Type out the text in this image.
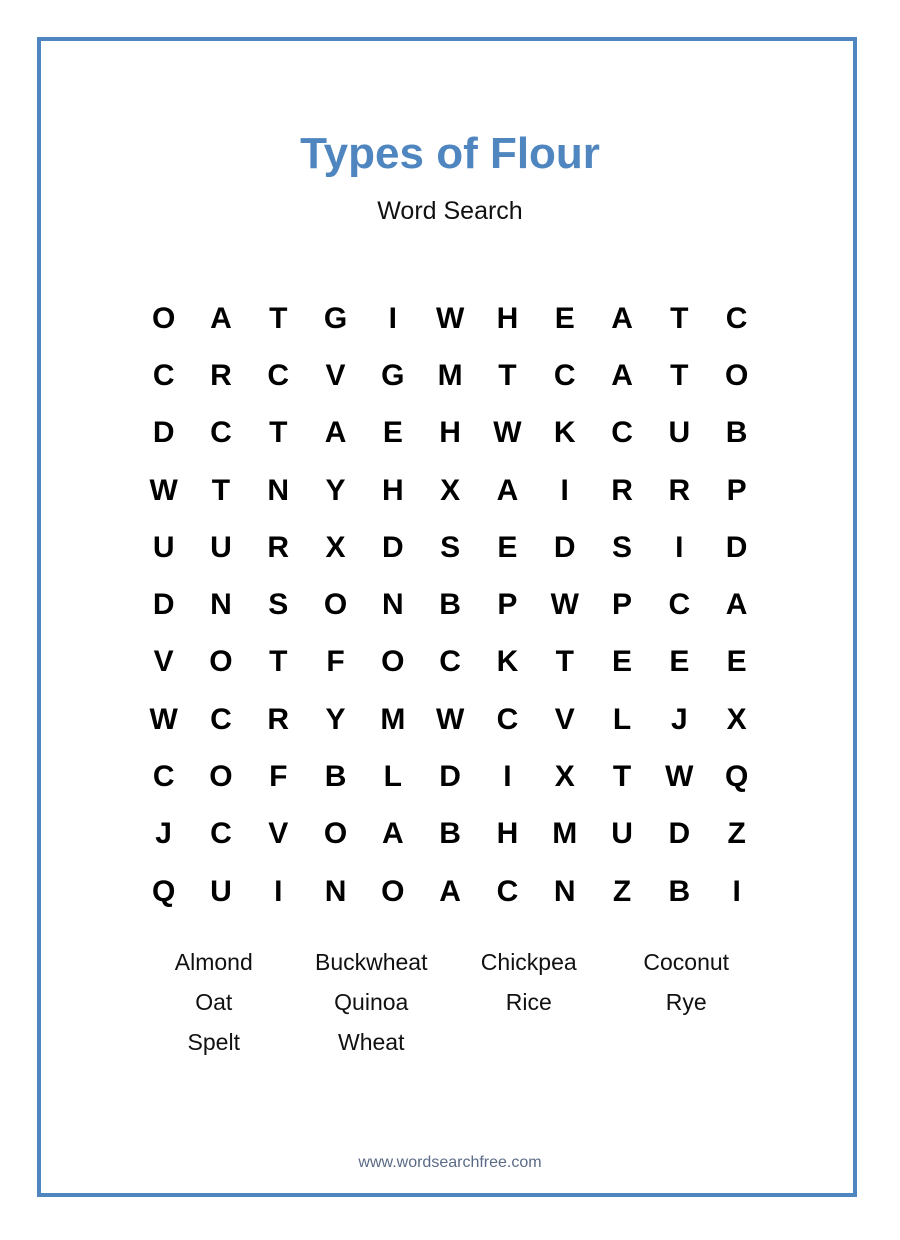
Types of Flour
Word Search
O	A	T	G	I	W	H	E	A	T	C
C	R	C	V	G	M	T	C	A	T	O
D	C	T	A	E	H	W	K	C	U	B
W	T	N	Y	H	X	A	I	R	R	P
U	U	R	X	D	S	E	D	S	I	D
D	N	S	O	N	B	P	W	P	C	A
V	O	T	F	O	C	K	T	E	E	E
W	C	R	Y	M	W	C	V	L	J	X
C	O	F	B	L	D	I	X	T	W	Q
J	C	V	O	A	B	H	M	U	D	Z
Q	U	I	N	O	A	C	N	Z	B	I
Almond	Buckwheat	Chickpea	Coconut
Oat	Quinoa	Rice	Rye
Spelt	Wheat
www.wordsearchfree.com
